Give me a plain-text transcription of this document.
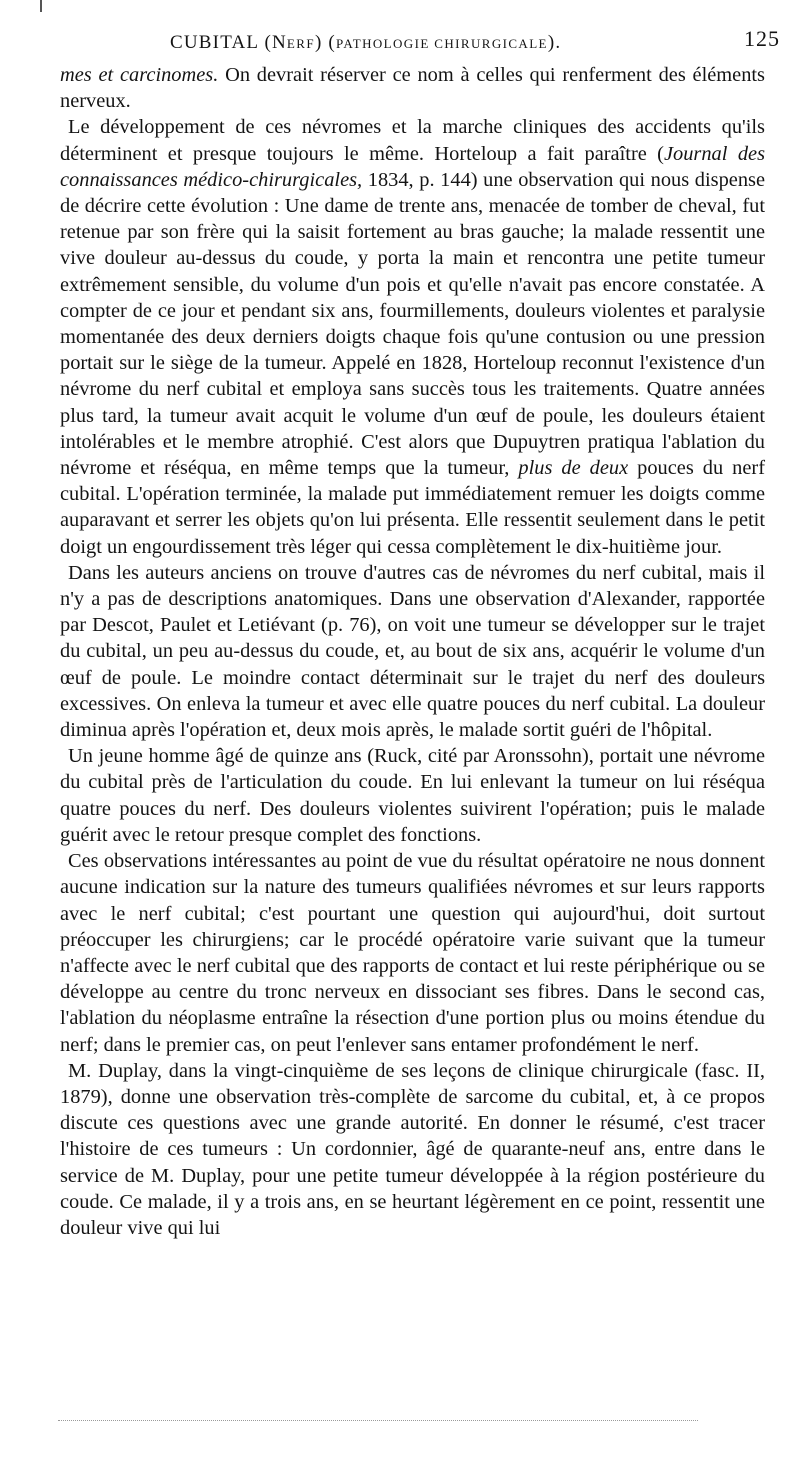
CUBITAL (NERF) (PATHOLOGIE CHIRURGICALE).	125

mes et carcinomes. On devrait réserver ce nom à celles qui renferment des éléments nerveux.

Le développement de ces névromes et la marche cliniques des accidents qu'ils déterminent et presque toujours le même. Horteloup a fait paraître (Journal des connaissances médico-chirurgicales, 1834, p. 144) une observation qui nous dispense de décrire cette évolution : Une dame de trente ans, menacée de tomber de cheval, fut retenue par son frère qui la saisit fortement au bras gauche; la malade ressentit une vive douleur au-dessus du coude, y porta la main et rencontra une petite tumeur extrêmement sensible, du volume d'un pois et qu'elle n'avait pas encore constatée. A compter de ce jour et pendant six ans, fourmillements, douleurs violentes et paralysie momentanée des deux derniers doigts chaque fois qu'une contusion ou une pression portait sur le siège de la tumeur. Appelé en 1828, Horteloup reconnut l'existence d'un névrome du nerf cubital et employa sans succès tous les traitements. Quatre années plus tard, la tumeur avait acquit le volume d'un œuf de poule, les douleurs étaient intolérables et le membre atrophié. C'est alors que Dupuytren pratiqua l'ablation du névrome et réséqua, en même temps que la tumeur, plus de deux pouces du nerf cubital. L'opération terminée, la malade put immédiatement remuer les doigts comme auparavant et serrer les objets qu'on lui présenta. Elle ressentit seulement dans le petit doigt un engourdissement très léger qui cessa complètement le dix-huitième jour.

Dans les auteurs anciens on trouve d'autres cas de névromes du nerf cubital, mais il n'y a pas de descriptions anatomiques. Dans une observation d'Alexander, rapportée par Descot, Paulet et Letiévant (p. 76), on voit une tumeur se développer sur le trajet du cubital, un peu au-dessus du coude, et, au bout de six ans, acquérir le volume d'un œuf de poule. Le moindre contact déterminait sur le trajet du nerf des douleurs excessives. On enleva la tumeur et avec elle quatre pouces du nerf cubital. La douleur diminua après l'opération et, deux mois après, le malade sortit guéri de l'hôpital.

Un jeune homme âgé de quinze ans (Ruck, cité par Aronssohn), portait une névrome du cubital près de l'articulation du coude. En lui enlevant la tumeur on lui réséqua quatre pouces du nerf. Des douleurs violentes suivirent l'opération; puis le malade guérit avec le retour presque complet des fonctions.

Ces observations intéressantes au point de vue du résultat opératoire ne nous donnent aucune indication sur la nature des tumeurs qualifiées névromes et sur leurs rapports avec le nerf cubital; c'est pourtant une question qui aujourd'hui, doit surtout préoccuper les chirurgiens; car le procédé opératoire varie suivant que la tumeur n'affecte avec le nerf cubital que des rapports de contact et lui reste périphérique ou se développe au centre du tronc nerveux en dissociant ses fibres. Dans le second cas, l'ablation du néoplasme entraîne la résection d'une portion plus ou moins étendue du nerf; dans le premier cas, on peut l'enlever sans entamer profondément le nerf.

M. Duplay, dans la vingt-cinquième de ses leçons de clinique chirurgicale (fasc. II, 1879), donne une observation très-complète de sarcome du cubital, et, à ce propos discute ces questions avec une grande autorité. En donner le résumé, c'est tracer l'histoire de ces tumeurs : Un cordonnier, âgé de quarante-neuf ans, entre dans le service de M. Duplay, pour une petite tumeur développée à la région postérieure du coude. Ce malade, il y a trois ans, en se heurtant légèrement en ce point, ressentit une douleur vive qui lui
